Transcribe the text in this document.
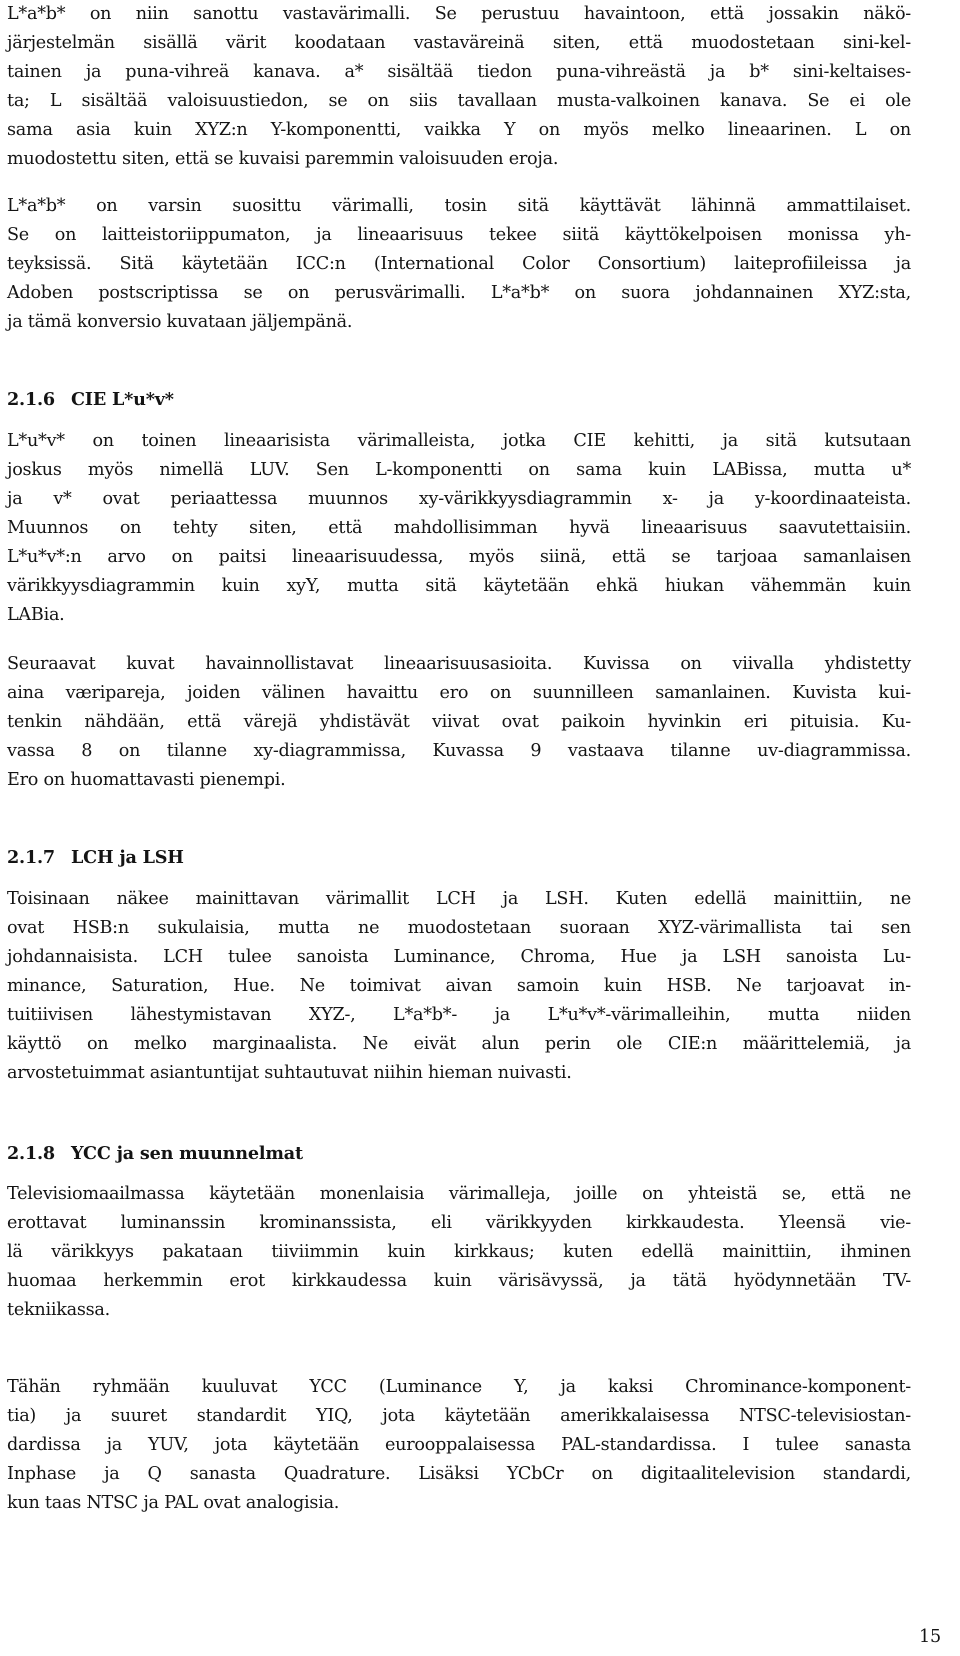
L*a*b* on niin sanottu vastavärimalli. Se perustuu havaintoon, että jossakin näkö-
järjestelmän sisällä värit koodataan vastaväreinä siten, että muodostetaan sini-kel-
tainen ja puna-vihreä kanava. a* sisältää tiedon puna-vihreästä ja b* sini-keltaises-
ta; L sisältää valoisuustiedon, se on siis tavallaan musta-valkoinen kanava. Se ei ole
sama asia kuin XYZ:n Y-komponentti, vaikka Y on myös melko lineaarinen. L on
muodostettu siten, että se kuvaisi paremmin valoisuuden eroja.

L*a*b* on varsin suosittu värimalli, tosin sitä käyttävät lähinnä ammattilaiset.
Se on laitteistoriippumaton, ja lineaarisuus tekee siitä käyttökelpoisen monissa yh-
teyksissä. Sitä käytetään ICC:n (International Color Consortium) laiteprofiileissa ja
Adoben postscriptissa se on perusvärimalli. L*a*b* on suora johdannainen XYZ:sta,
ja tämä konversio kuvataan jäljempänä.

2.1.6 CIE L*u*v*

L*u*v* on toinen lineaarisista värimalleista, jotka CIE kehitti, ja sitä kutsutaan
joskus myös nimellä LUV. Sen L-komponentti on sama kuin LABissa, mutta u*
ja v* ovat periaattessa muunnos xy-värikkyysdiagrammin x- ja y-koordinaateista.
Muunnos on tehty siten, että mahdollisimman hyvä lineaarisuus saavutettaisiin.
L*u*v*:n arvo on paitsi lineaarisuudessa, myös siinä, että se tarjoaa samanlaisen
värikkyysdiagrammin kuin xyY, mutta sitä käytetään ehkä hiukan vähemmän kuin
LABia.

Seuraavat kuvat havainnollistavat lineaarisuusasioita. Kuvissa on viivalla yhdistetty
aina væripareja, joiden välinen havaittu ero on suunnilleen samanlainen. Kuvista kui-
tenkin nähdään, että värejä yhdistävät viivat ovat paikoin hyvinkin eri pituisia. Ku-
vassa 8 on tilanne xy-diagrammissa, Kuvassa 9 vastaava tilanne uv-diagrammissa.
Ero on huomattavasti pienempi.

2.1.7 LCH ja LSH

Toisinaan näkee mainittavan värimallit LCH ja LSH. Kuten edellä mainittiin, ne
ovat HSB:n sukulaisia, mutta ne muodostetaan suoraan XYZ-värimallista tai sen
johdannaisista. LCH tulee sanoista Luminance, Chroma, Hue ja LSH sanoista Lu-
minance, Saturation, Hue. Ne toimivat aivan samoin kuin HSB. Ne tarjoavat in-
tuitiivisen lähestymistavan XYZ-, L*a*b*- ja L*u*v*-värimalleihin, mutta niiden
käyttö on melko marginaalista. Ne eivät alun perin ole CIE:n määrittelemiä, ja
arvostetuimmat asiantuntijat suhtautuvat niihin hieman nuivasti.

2.1.8 YCC ja sen muunnelmat

Televisiomaailmassa käytetään monenlaisia värimalleja, joille on yhteistä se, että ne
erottavat luminanssin krominanssista, eli värikkyyden kirkkaudesta. Yleensä vie-
lä värikkyys pakataan tiiviimmin kuin kirkkaus; kuten edellä mainittiin, ihminen
huomaa herkemmin erot kirkkaudessa kuin värisävyssä, ja tätä hyödynnetään TV-
tekniikassa.

Tähän ryhmään kuuluvat YCC (Luminance Y, ja kaksi Chrominance-komponent-
tia) ja suuret standardit YIQ, jota käytetään amerikkalaisessa NTSC-televisiostan-
dardissa ja YUV, jota käytetään eurooppalaisessa PAL-standardissa. I tulee sanasta
Inphase ja Q sanasta Quadrature. Lisäksi YCbCr on digitaalitelevision standardi,
kun taas NTSC ja PAL ovat analogisia.

15
